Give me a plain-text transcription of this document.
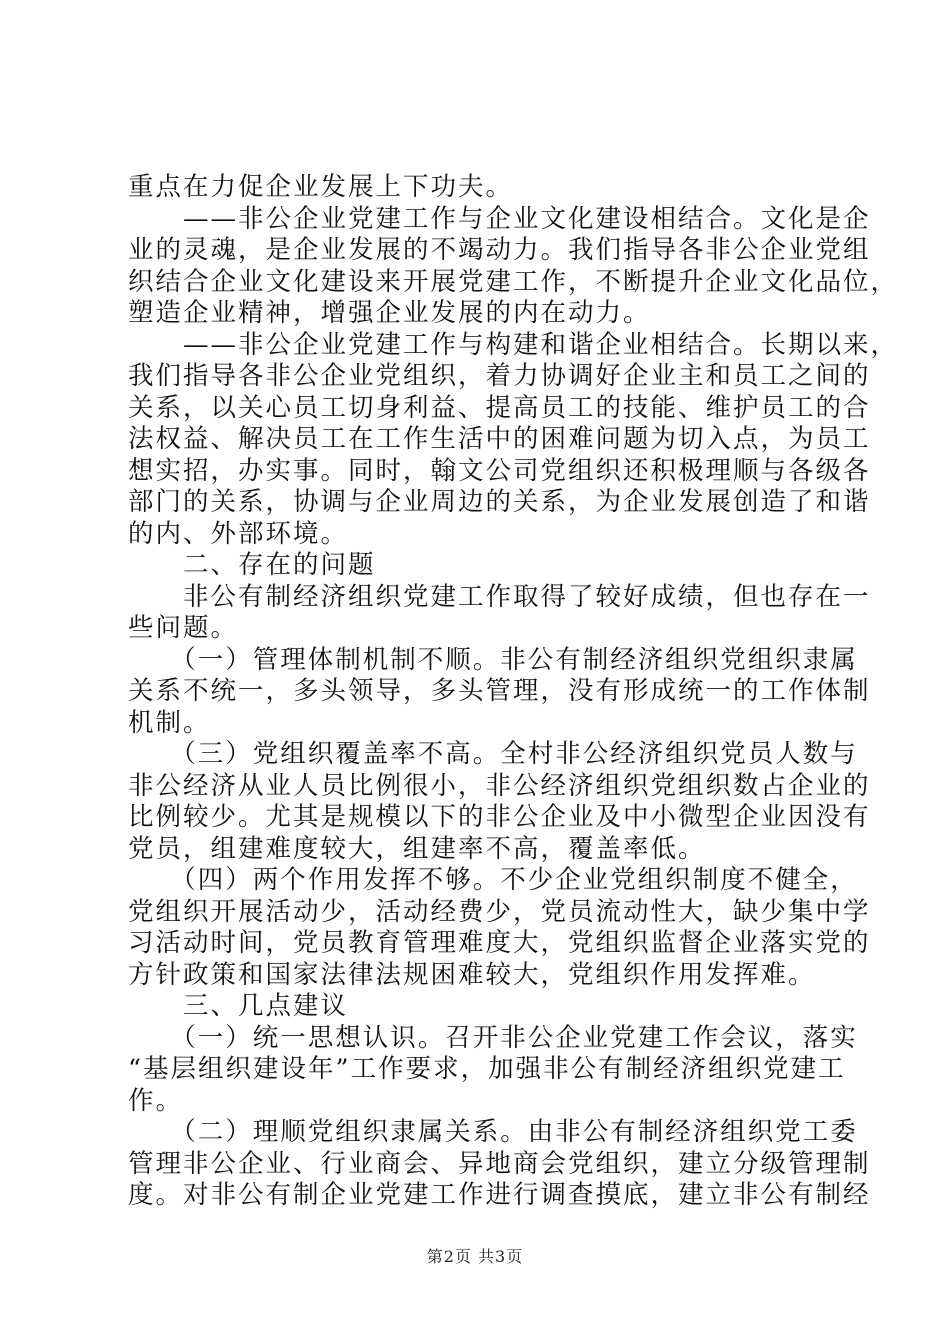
重点在力促企业发展上下功夫。
　　——非公企业党建工作与企业文化建设相结合。文化是企
业的灵魂，是企业发展的不竭动力。我们指导各非公企业党组
织结合企业文化建设来开展党建工作，不断提升企业文化品位，
塑造企业精神，增强企业发展的内在动力。
　　——非公企业党建工作与构建和谐企业相结合。长期以来，
我们指导各非公企业党组织，着力协调好企业主和员工之间的
关系，以关心员工切身利益、提高员工的技能、维护员工的合
法权益、解决员工在工作生活中的困难问题为切入点，为员工
想实招，办实事。同时，翰文公司党组织还积极理顺与各级各
部门的关系，协调与企业周边的关系，为企业发展创造了和谐
的内、外部环境。
　　二、存在的问题
　　非公有制经济组织党建工作取得了较好成绩，但也存在一
些问题。
　　（一）管理体制机制不顺。非公有制经济组织党组织隶属
关系不统一，多头领导，多头管理，没有形成统一的工作体制
机制。
　　（三）党组织覆盖率不高。全村非公经济组织党员人数与
非公经济从业人员比例很小，非公经济组织党组织数占企业的
比例较少。尤其是规模以下的非公企业及中小微型企业因没有
党员，组建难度较大，组建率不高，覆盖率低。
　　（四）两个作用发挥不够。不少企业党组织制度不健全，
党组织开展活动少，活动经费少，党员流动性大，缺少集中学
习活动时间，党员教育管理难度大，党组织监督企业落实党的
方针政策和国家法律法规困难较大，党组织作用发挥难。
　　三、几点建议
　　（一）统一思想认识。召开非公企业党建工作会议，落实
“基层组织建设年”工作要求，加强非公有制经济组织党建工
作。
　　（二）理顺党组织隶属关系。由非公有制经济组织党工委
管理非公企业、行业商会、异地商会党组织，建立分级管理制
度。对非公有制企业党建工作进行调查摸底，建立非公有制经
第2页 共3页
